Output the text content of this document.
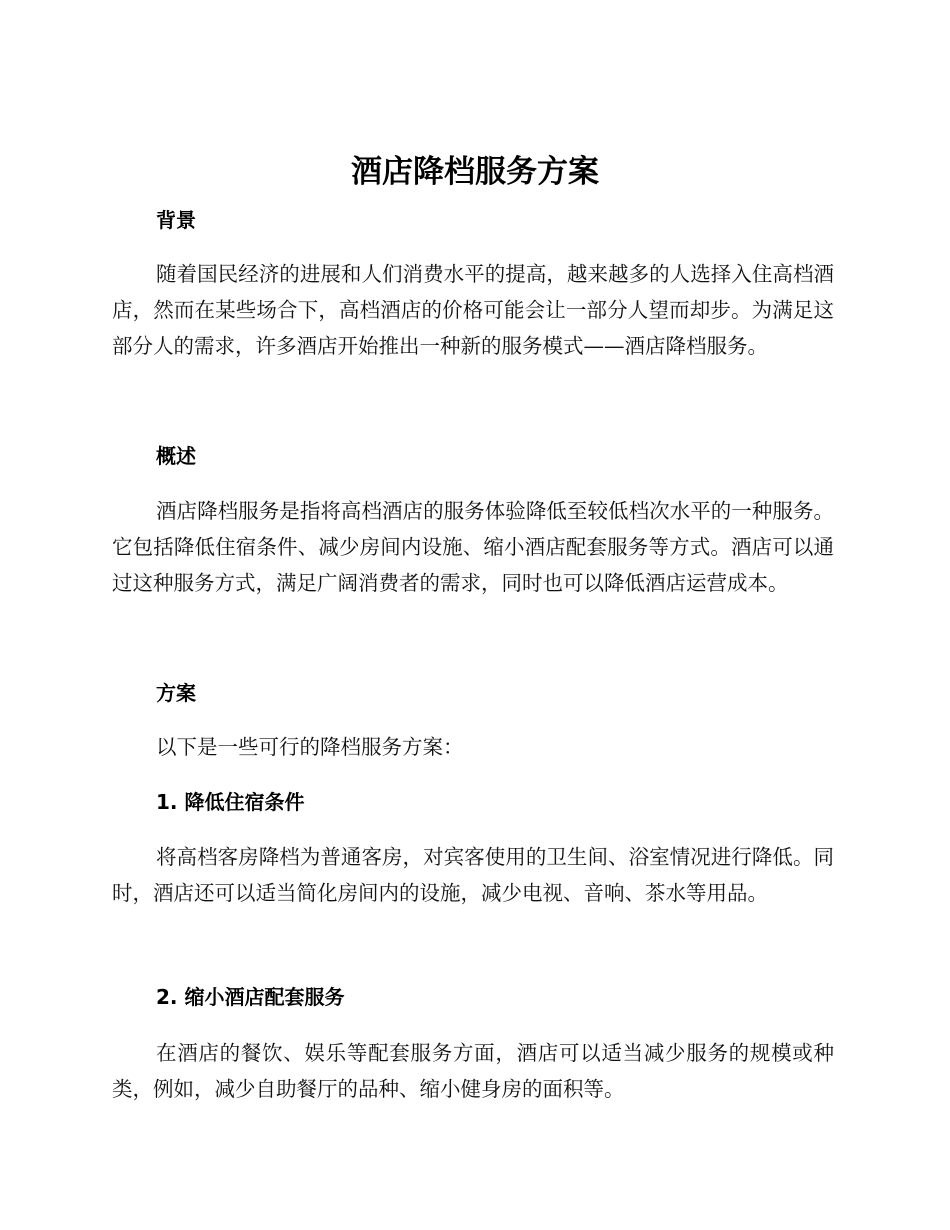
酒店降档服务方案
背景

随着国民经济的进展和人们消费水平的提高，越来越多的人选择入住高档酒店，然而在某些场合下，高档酒店的价格可能会让一部分人望而却步。为满足这部分人的需求，许多酒店开始推出一种新的服务模式——酒店降档服务。

概述

酒店降档服务是指将高档酒店的服务体验降低至较低档次水平的一种服务。它包括降低住宿条件、减少房间内设施、缩小酒店配套服务等方式。酒店可以通过这种服务方式，满足广阔消费者的需求，同时也可以降低酒店运营成本。

方案

以下是一些可行的降档服务方案：

1. 降低住宿条件

将高档客房降档为普通客房，对宾客使用的卫生间、浴室情况进行降低。同时，酒店还可以适当简化房间内的设施，减少电视、音响、茶水等用品。

2. 缩小酒店配套服务

在酒店的餐饮、娱乐等配套服务方面，酒店可以适当减少服务的规模或种类，例如，减少自助餐厅的品种、缩小健身房的面积等。
